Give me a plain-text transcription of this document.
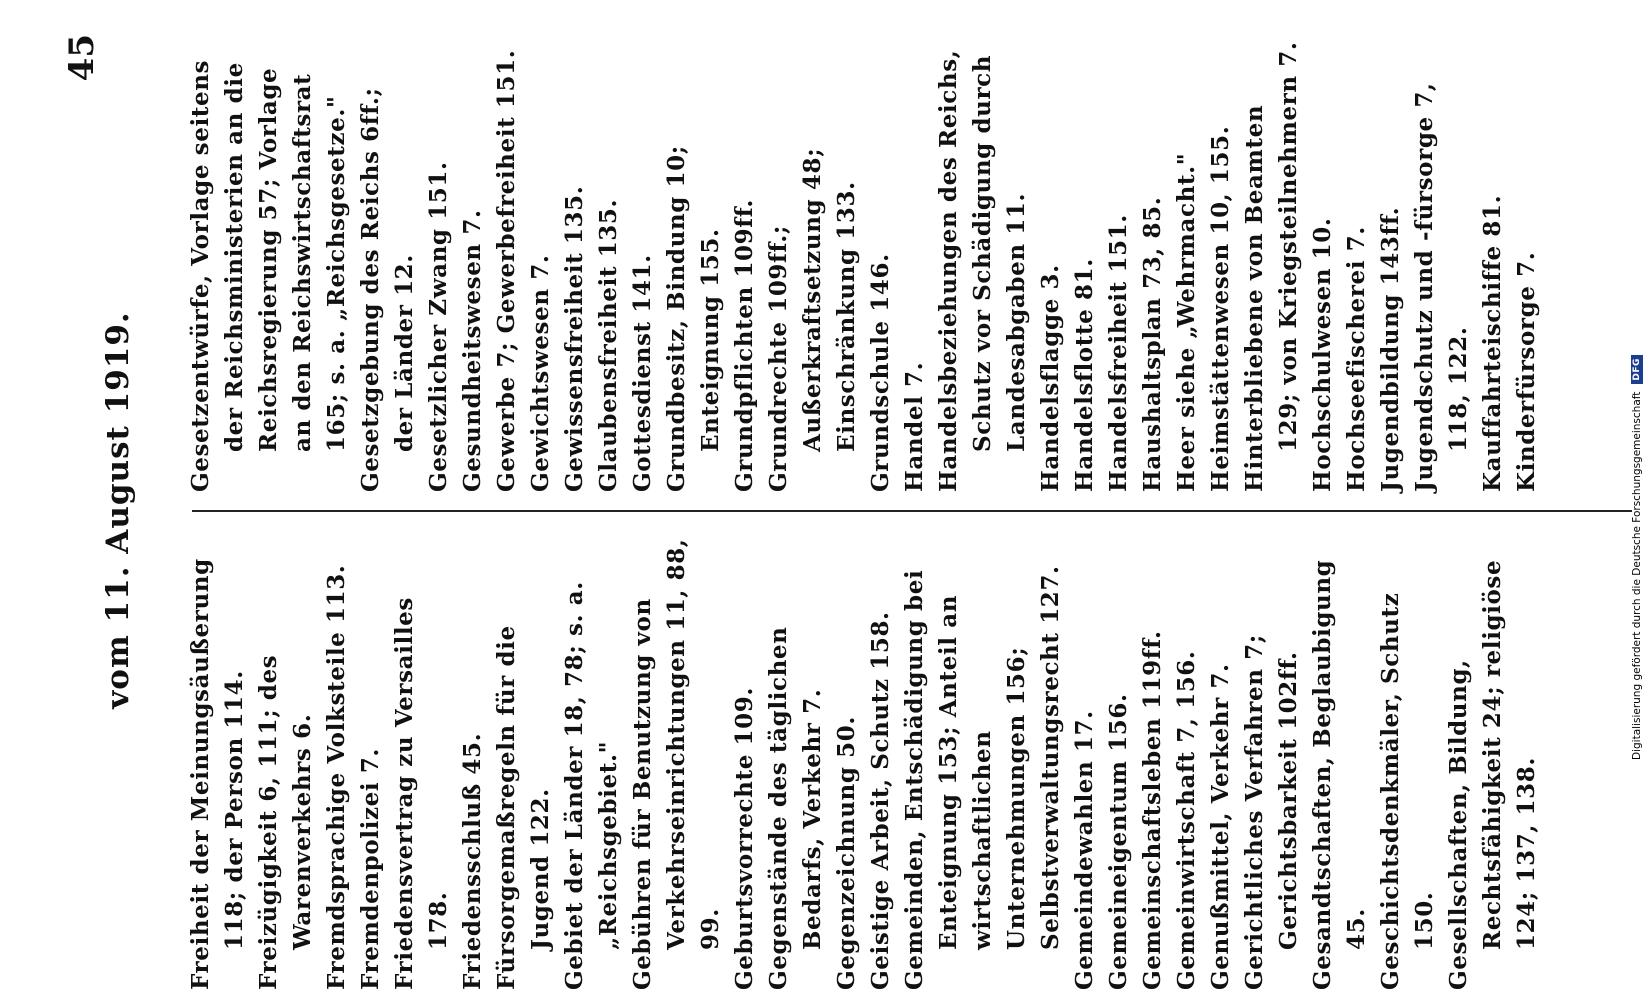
vom 11. August 1919.
45

Freiheit der Meinungsäußerung 118; der Person 114. Freizügigkeit 6, 111; des Warenverkehrs 6. Fremdsprachige Volksteile 113. Fremdenpolizei 7. Friedensvertrag zu Versailles 178. Friedensschluß 45. Fürsorgemaßregeln für die Jugend 122. Gebiet der Länder 18, 78; s. a. „Reichsgebiet." Gebühren für Benutzung von Verkehrseinrichtungen 11, 88, 99. Geburtsvorrechte 109. Gegenstände des täglichen Bedarfs, Verkehr 7. Gegenzeichnung 50. Geistige Arbeit, Schutz 158. Gemeinden, Entschädigung bei Enteignung 153; Anteil an wirtschaftlichen Unternehmungen 156; Selbstverwaltungsrecht 127. Gemeindewahlen 17. Gemeineigentum 156. Gemeinschaftsleben 119ff. Gemeinwirtschaft 7, 156. Genußmittel, Verkehr 7. Gerichtliches Verfahren 7; Gerichtsbarkeit 102ff. Gesandtschaften, Beglaubigung 45. Geschichtsdenkmäler, Schutz 150. Gesellschaften, Bildung, Rechtsfähigkeit 24; religiöse 124; 137, 138.

Gesetzentwürfe, Vorlage seitens der Reichsministerien an die Reichsregierung 57; Vorlage an den Reichswirtschaftsrat 165; s. a. „Reichsgesetze." Gesetzgebung des Reichs 6ff.; der Länder 12. Gesetzlicher Zwang 151. Gesundheitswesen 7. Gewerbe 7; Gewerbefreiheit 151. Gewichtswesen 7. Gewissensfreiheit 135. Glaubensfreiheit 135. Gottesdienst 141. Grundbesitz, Bindung 10; Enteignung 155. Grundpflichten 109ff. Grundrechte 109ff.; Außerkraftsetzung 48; Einschränkung 133. Grundschule 146. Handel 7. Handelsbeziehungen des Reichs, Schutz vor Schädigung durch Landesabgaben 11. Handelsflagge 3. Handelsflotte 81. Handelsfreiheit 151. Haushaltsplan 73, 85. Heer siehe „Wehrmacht." Heimstättenwesen 10, 155. Hinterbliebene von Beamten 129; von Kriegsteilnehmern 7. Hochschulwesen 10. Hochseefischerei 7. Jugendbildung 143ff. Jugendschutz und -fürsorge 7, 118, 122. Kauffahrteischiffe 81. Kinderfürsorge 7.

Digitalisierung gefördert durch die Deutsche Forschungsgemeinschaft
DFG
